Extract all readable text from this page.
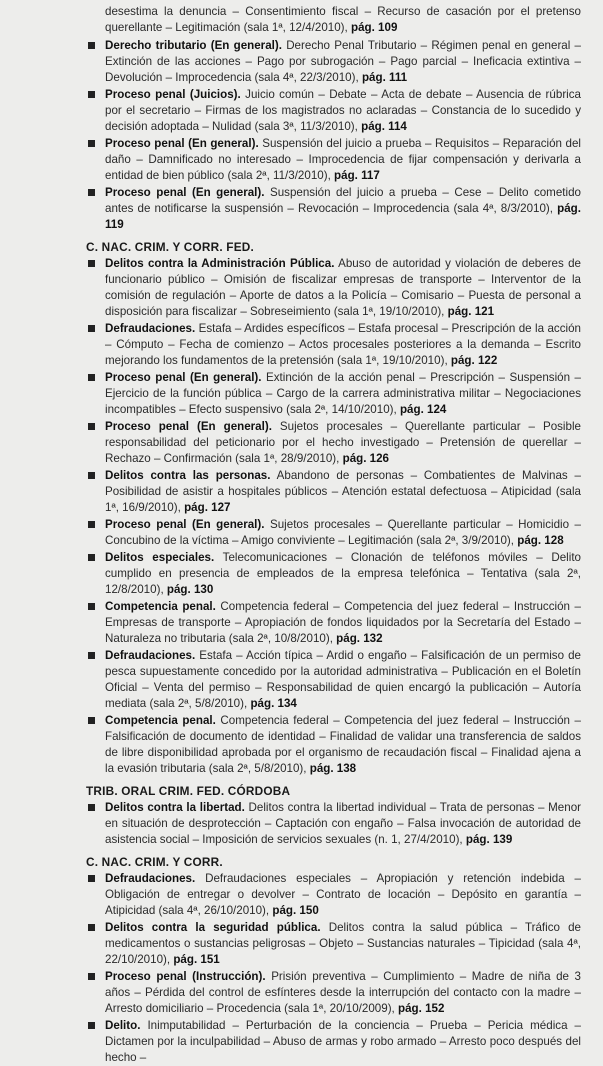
desestima la denuncia – Consentimiento fiscal – Recurso de casación por el pretenso querellante – Legitimación (sala 1ª, 12/4/2010), pág. 109
Derecho tributario (En general). Derecho Penal Tributario – Régimen penal en general – Extinción de las acciones – Pago por subrogación – Pago parcial – Ineficacia extintiva – Devolución – Improcedencia (sala 4ª, 22/3/2010), pág. 111
Proceso penal (Juicios). Juicio común – Debate – Acta de debate – Ausencia de rúbrica por el secretario – Firmas de los magistrados no aclaradas – Constancia de lo sucedido y decisión adoptada – Nulidad (sala 3ª, 11/3/2010), pág. 114
Proceso penal (En general). Suspensión del juicio a prueba – Requisitos – Reparación del daño – Damnificado no interesado – Improcedencia de fijar compensación y derivarla a entidad de bien público (sala 2ª, 11/3/2010), pág. 117
Proceso penal (En general). Suspensión del juicio a prueba – Cese – Delito cometido antes de notificarse la suspensión – Revocación – Improcedencia (sala 4ª, 8/3/2010), pág. 119
C. NAC. CRIM. Y CORR. FED.
Delitos contra la Administración Pública. Abuso de autoridad y violación de deberes de funcionario público – Omisión de fiscalizar empresas de transporte – Interventor de la comisión de regulación – Aporte de datos a la Policía – Comisario – Puesta de personal a disposición para fiscalizar – Sobreseimiento (sala 1ª, 19/10/2010), pág. 121
Defraudaciones. Estafa – Ardides específicos – Estafa procesal – Prescripción de la acción – Cómputo – Fecha de comienzo – Actos procesales posteriores a la demanda – Escrito mejorando los fundamentos de la pretensión (sala 1ª, 19/10/2010), pág. 122
Proceso penal (En general). Extinción de la acción penal – Prescripción – Suspensión – Ejercicio de la función pública – Cargo de la carrera administrativa militar – Negociaciones incompatibles – Efecto suspensivo (sala 2ª, 14/10/2010), pág. 124
Proceso penal (En general). Sujetos procesales – Querellante particular – Posible responsabilidad del peticionario por el hecho investigado – Pretensión de querellar – Rechazo – Confirmación (sala 1ª, 28/9/2010), pág. 126
Delitos contra las personas. Abandono de personas – Combatientes de Malvinas – Posibilidad de asistir a hospitales públicos – Atención estatal defectuosa – Atipicidad (sala 1ª, 16/9/2010), pág. 127
Proceso penal (En general). Sujetos procesales – Querellante particular – Homicidio – Concubino de la víctima – Amigo conviviente – Legitimación (sala 2ª, 3/9/2010), pág. 128
Delitos especiales. Telecomunicaciones – Clonación de teléfonos móviles – Delito cumplido en presencia de empleados de la empresa telefónica – Tentativa (sala 2ª, 12/8/2010), pág. 130
Competencia penal. Competencia federal – Competencia del juez federal – Instrucción – Empresas de transporte – Apropiación de fondos liquidados por la Secretaría del Estado – Naturaleza no tributaria (sala 2ª, 10/8/2010), pág. 132
Defraudaciones. Estafa – Acción típica – Ardid o engaño – Falsificación de un permiso de pesca supuestamente concedido por la autoridad administrativa – Publicación en el Boletín Oficial – Venta del permiso – Responsabilidad de quien encargó la publicación – Autoría mediata (sala 2ª, 5/8/2010), pág. 134
Competencia penal. Competencia federal – Competencia del juez federal – Instrucción – Falsificación de documento de identidad – Finalidad de validar una transferencia de saldos de libre disponibilidad aprobada por el organismo de recaudación fiscal – Finalidad ajena a la evasión tributaria (sala 2ª, 5/8/2010), pág. 138
TRIB. ORAL CRIM. FED. CÓRDOBA
Delitos contra la libertad. Delitos contra la libertad individual – Trata de personas – Menor en situación de desprotección – Captación con engaño – Falsa invocación de autoridad de asistencia social – Imposición de servicios sexuales (n. 1, 27/4/2010), pág. 139
C. NAC. CRIM. Y CORR.
Defraudaciones. Defraudaciones especiales – Apropiación y retención indebida – Obligación de entregar o devolver – Contrato de locación – Depósito en garantía – Atipicidad (sala 4ª, 26/10/2010), pág. 150
Delitos contra la seguridad pública. Delitos contra la salud pública – Tráfico de medicamentos o sustancias peligrosas – Objeto – Sustancias naturales – Tipicidad (sala 4ª, 22/10/2010), pág. 151
Proceso penal (Instrucción). Prisión preventiva – Cumplimiento – Madre de niña de 3 años – Pérdida del control de esfínteres desde la interrupción del contacto con la madre – Arresto domiciliario – Procedencia (sala 1ª, 20/10/2009), pág. 152
Delito. Inimputabilidad – Perturbación de la conciencia – Prueba – Pericia médica – Dictamen por la inculpabilidad – Abuso de armas y robo armado – Arresto poco después del hecho –
